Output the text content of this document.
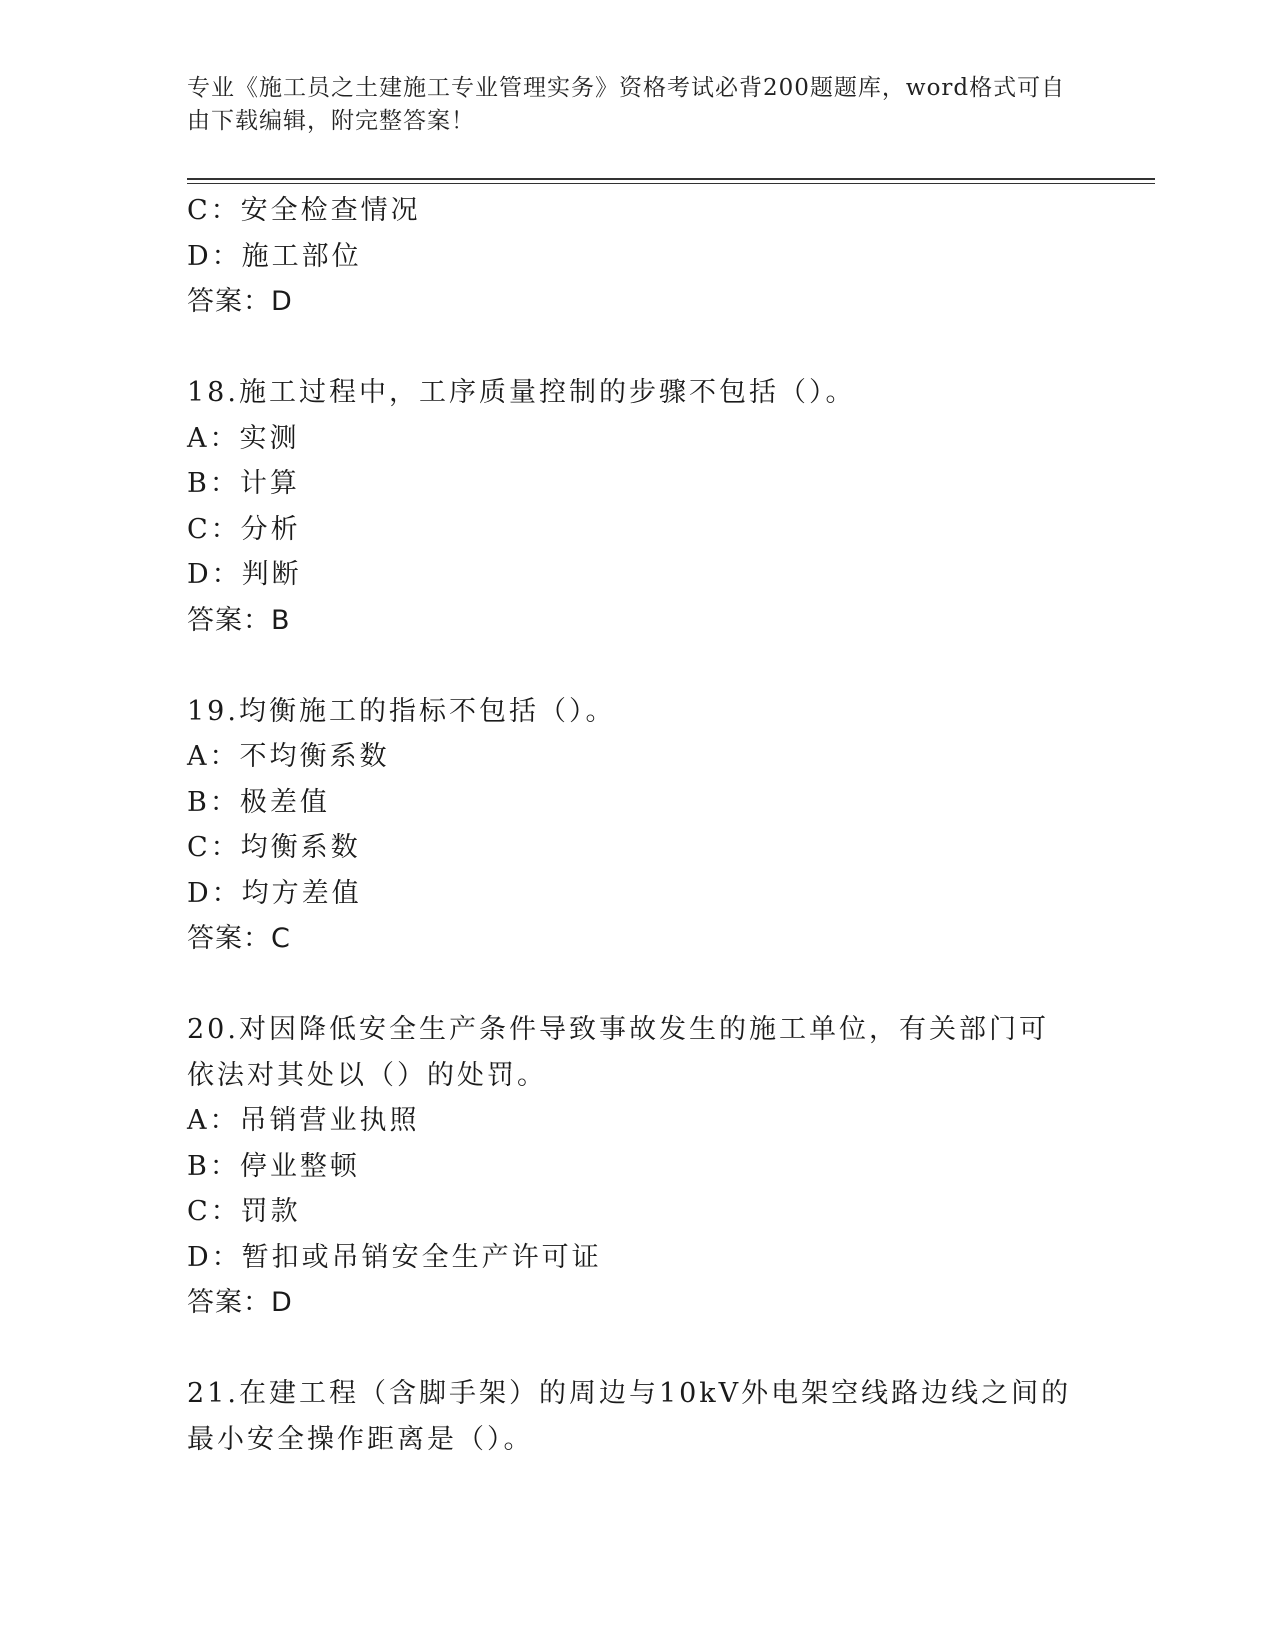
专业《施工员之土建施工专业管理实务》资格考试必背200题题库，word格式可自由下载编辑，附完整答案！
C：安全检查情况
D：施工部位
答案：D
18.施工过程中，工序质量控制的步骤不包括（）。
A：实测
B：计算
C：分析
D：判断
答案：B
19.均衡施工的指标不包括（）。
A：不均衡系数
B：极差值
C：均衡系数
D：均方差值
答案：C
20.对因降低安全生产条件导致事故发生的施工单位，有关部门可依法对其处以（）的处罚。
A：吊销营业执照
B：停业整顿
C：罚款
D：暂扣或吊销安全生产许可证
答案：D
21.在建工程（含脚手架）的周边与10kV外电架空线路边线之间的最小安全操作距离是（）。
